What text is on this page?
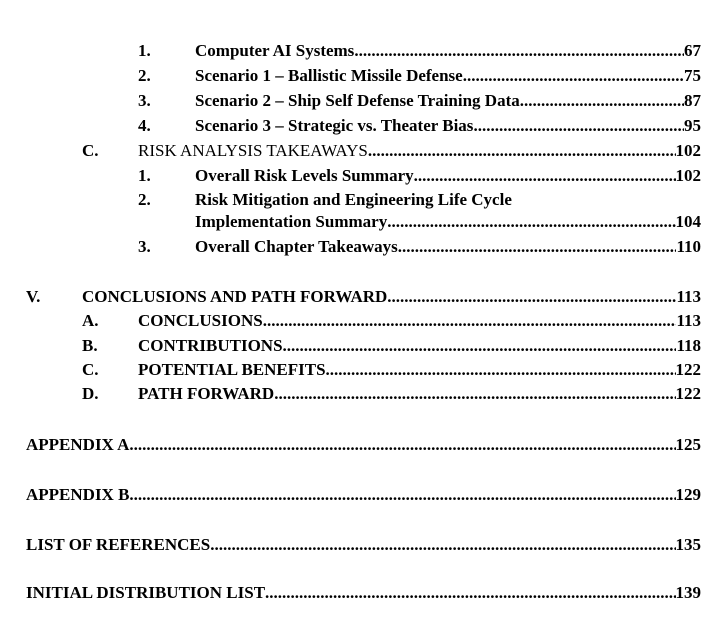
1.	Computer AI Systems .....	67
2.	Scenario 1 – Ballistic Missile Defense .....	75
3.	Scenario 2 – Ship Self Defense Training Data .....	87
4.	Scenario 3 – Strategic vs. Theater Bias .....	95
C. RISK ANALYSIS TAKEAWAYS .....	102
1.	Overall Risk Levels Summary .....	102
2.	Risk Mitigation and Engineering Life Cycle
Implementation Summary .....	104
3.	Overall Chapter Takeaways .....	110
V. CONCLUSIONS AND PATH FORWARD .....	113
A. CONCLUSIONS .....	113
B. CONTRIBUTIONS .....	118
C. POTENTIAL BENEFITS .....	122
D. PATH FORWARD .....	122
APPENDIX A .....	125
APPENDIX B .....	129
LIST OF REFERENCES .....	135
INITIAL DISTRIBUTION LIST .....	139
